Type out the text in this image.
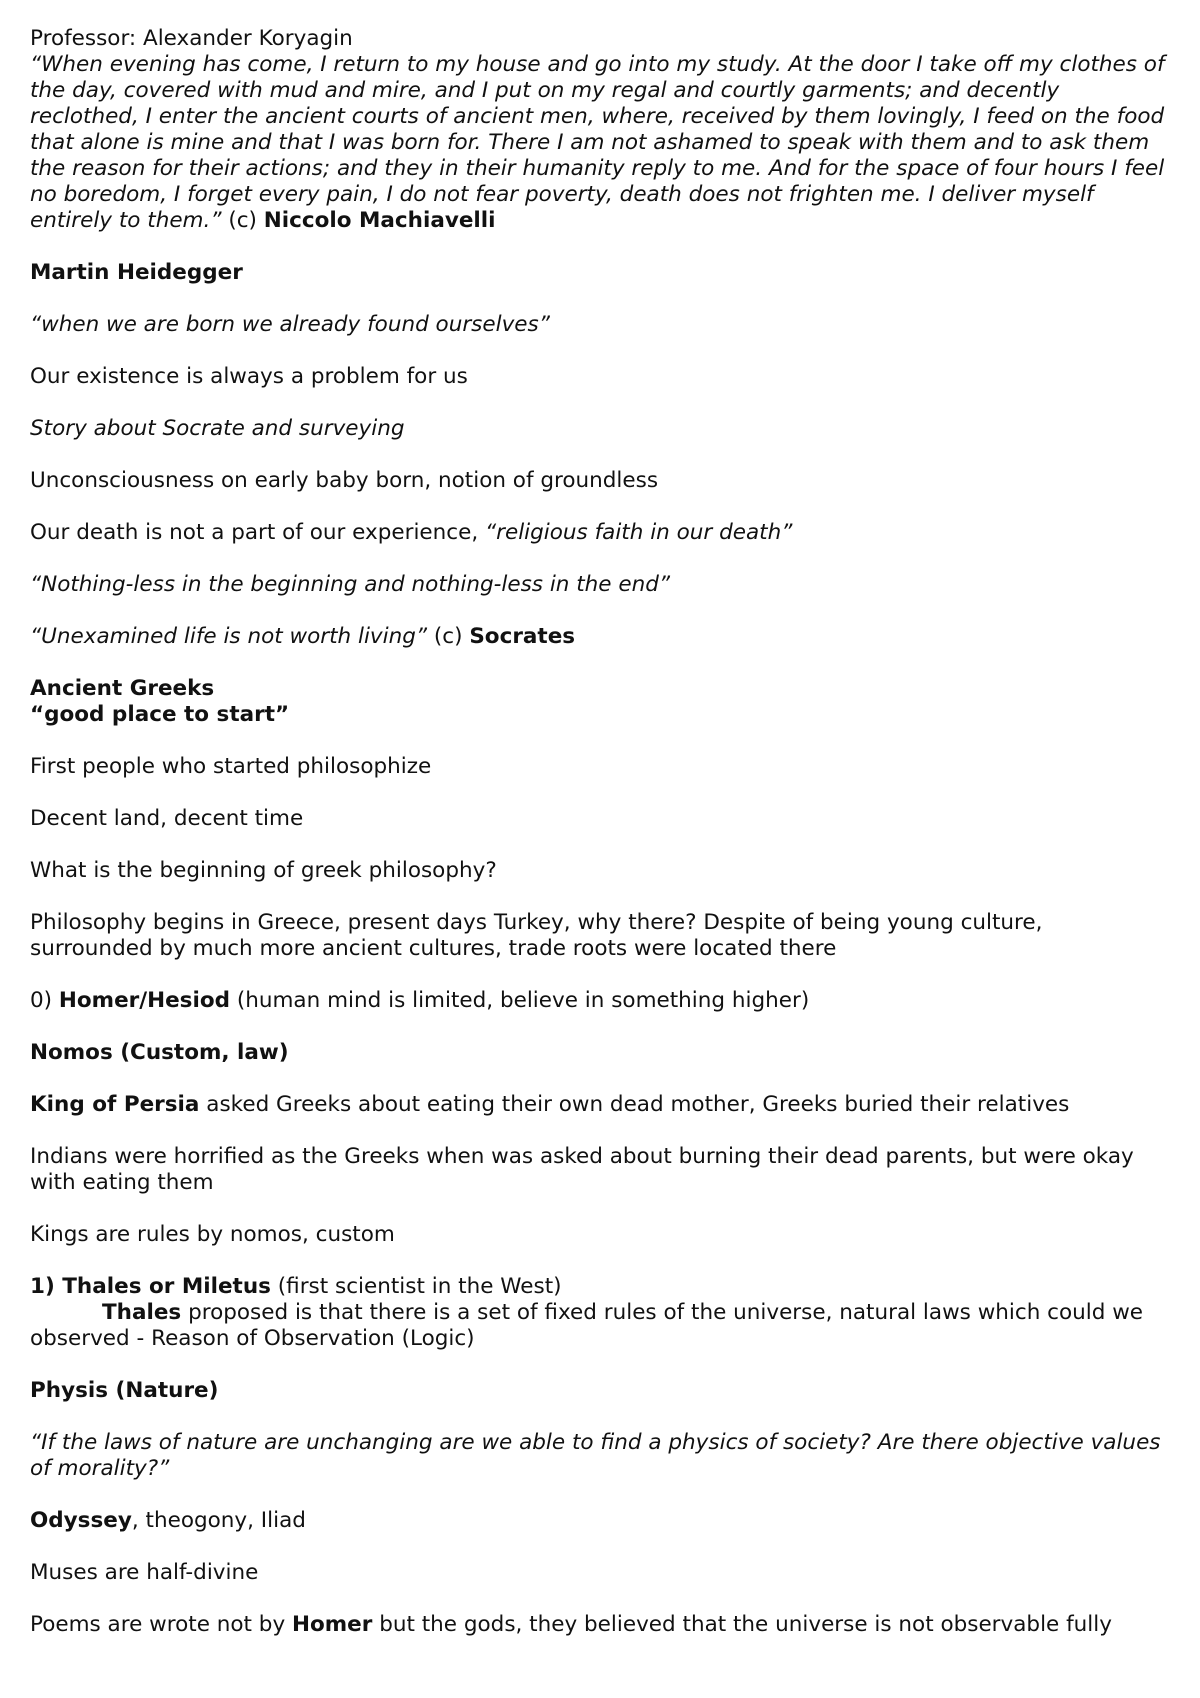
Professor: Alexander Koryagin

“When evening has come, I return to my house and go into my study. At the door I take off my clothes of the day, covered with mud and mire, and I put on my regal and courtly garments; and decently reclothed, I enter the ancient courts of ancient men, where, received by them lovingly, I feed on the food that alone is mine and that I was born for. There I am not ashamed to speak with them and to ask them the reason for their actions; and they in their humanity reply to me. And for the space of four hours I feel no boredom, I forget every pain, I do not fear poverty, death does not frighten me. I deliver myself entirely to them.” (c) Niccolo Machiavelli

Martin Heidegger

“when we are born we already found ourselves”

Our existence is always a problem for us

Story about Socrate and surveying

Unconsciousness on early baby born, notion of groundless

Our death is not a part of our experience, “religious faith in our death”

“Nothing-less in the beginning and nothing-less in the end”

“Unexamined life is not worth living” (c) Socrates

Ancient Greeks

“good place to start”

First people who started philosophize

Decent land, decent time

What is the beginning of greek philosophy?

Philosophy begins in Greece, present days Turkey, why there? Despite of being young culture, surrounded by much more ancient cultures, trade roots were located there

0) Homer/Hesiod (human mind is limited, believe in something higher)

Nomos (Custom, law)

King of Persia asked Greeks about eating their own dead mother, Greeks buried their relatives

Indians were horrified as the Greeks when was asked about burning their dead parents, but were okay with eating them

Kings are rules by nomos, custom

1) Thales or Miletus (first scientist in the West)

Thales proposed is that there is a set of fixed rules of the universe, natural laws which could we observed - Reason of Observation (Logic)

Physis (Nature)

“If the laws of nature are unchanging are we able to find a physics of society? Are there objective values of morality?”

Odyssey, theogony, Iliad

Muses are half-divine

Poems are wrote not by Homer but the gods, they believed that the universe is not observable fully
